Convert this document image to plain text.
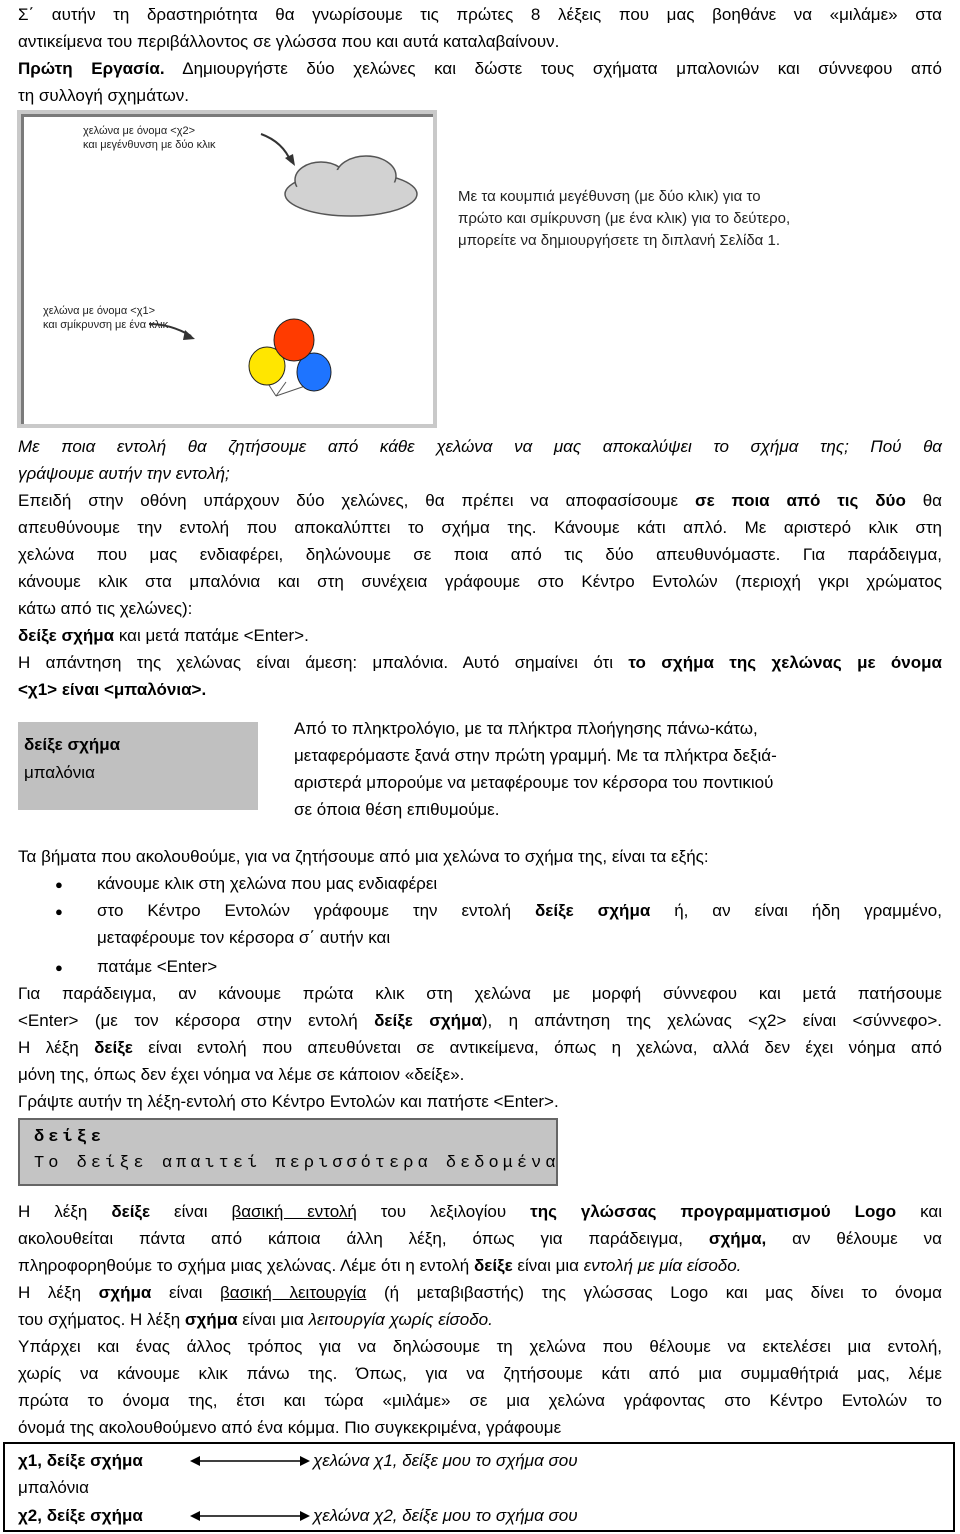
Σ΄ αυτήν τη δραστηριότητα θα γνωρίσουμε τις πρώτες 8 λέξεις που μας βοηθάνε να «μιλάμε» στα
αντικείμενα του περιβάλλοντος σε γλώσσα που και αυτά καταλαβαίνουν.
Πρώτη Εργασία. Δημιουργήστε δύο χελώνες και δώστε τους σχήματα μπαλονιών και σύννεφου από
τη συλλογή σχημάτων.
χελώνα με όνομα <χ2>
και μεγένθυνση με δύο κλικ
χελώνα με όνομα <χ1>
και σμίκρυνση με ένα κλικ
Με τα κουμπιά μεγέθυνση (με δύο κλικ) για το
πρώτο και σμίκρυνση (με ένα κλικ) για το δεύτερο,
μπορείτε να δημιουργήσετε τη διπλανή Σελίδα 1.
Με ποια εντολή θα ζητήσουμε από κάθε χελώνα να μας αποκαλύψει το σχήμα της; Πού θα
γράψουμε αυτήν την εντολή;
Επειδή στην οθόνη υπάρχουν δύο χελώνες, θα πρέπει να αποφασίσουμε σε ποια από τις δύο θα
απευθύνουμε την εντολή που αποκαλύπτει το σχήμα της. Κάνουμε κάτι απλό. Με αριστερό κλικ στη
χελώνα που μας ενδιαφέρει, δηλώνουμε σε ποια από τις δύο απευθυνόμαστε. Για παράδειγμα,
κάνουμε κλικ στα μπαλόνια και στη συνέχεια γράφουμε στο Κέντρο Εντολών (περιοχή γκρι χρώματος
κάτω από τις χελώνες):
δείξε σχήμα και μετά πατάμε <Enter>.
Η απάντηση της χελώνας είναι άμεση: μπαλόνια. Αυτό σημαίνει ότι το σχήμα της χελώνας με όνομα
<χ1> είναι <μπαλόνια>.
δείξε σχήμα
μπαλόνια
Από το πληκτρολόγιο, με τα πλήκτρα πλοήγησης πάνω-κάτω,
μεταφερόμαστε ξανά στην πρώτη γραμμή. Με τα πλήκτρα δεξιά-
αριστερά μπορούμε να μεταφέρουμε τον κέρσορα του ποντικιού
σε όποια θέση επιθυμούμε.
Τα βήματα που ακολουθούμε, για να ζητήσουμε από μια χελώνα το σχήμα της, είναι τα εξής:
● κάνουμε κλικ στη χελώνα που μας ενδιαφέρει
● στο Κέντρο Εντολών γράφουμε την εντολή δείξε σχήμα ή, αν είναι ήδη γραμμένο,
μεταφέρουμε τον κέρσορα σ΄ αυτήν και
● πατάμε <Enter>
Για παράδειγμα, αν κάνουμε πρώτα κλικ στη χελώνα με μορφή σύννεφου και μετά πατήσουμε
<Enter> (με τον κέρσορα στην εντολή δείξε σχήμα), η απάντηση της χελώνας <χ2> είναι <σύννεφο>.
Η λέξη δείξε είναι εντολή που απευθύνεται σε αντικείμενα, όπως η χελώνα, αλλά δεν έχει νόημα από
μόνη της, όπως δεν έχει νόημα να λέμε σε κάποιον «δείξε».
Γράψτε αυτήν τη λέξη-εντολή στο Κέντρο Εντολών και πατήστε <Enter>.
δείξε
Το δείξε απαιτεί περισσότερα δεδομένα
Η λέξη δείξε είναι βασική εντολή του λεξιλογίου της γλώσσας προγραμματισμού Logo και
ακολουθείται πάντα από κάποια άλλη λέξη, όπως για παράδειγμα, σχήμα, αν θέλουμε να
πληροφορηθούμε το σχήμα μιας χελώνας. Λέμε ότι η εντολή δείξε είναι μια εντολή με μία είσοδο.
Η λέξη σχήμα είναι βασική λειτουργία (ή μεταβιβαστής) της γλώσσας Logo και μας δίνει το όνομα
του σχήματος. Η λέξη σχήμα είναι μια λειτουργία χωρίς είσοδο.
Υπάρχει και ένας άλλος τρόπος για να δηλώσουμε τη χελώνα που θέλουμε να εκτελέσει μια εντολή,
χωρίς να κάνουμε κλικ πάνω της. Όπως, για να ζητήσουμε κάτι από μια συμμαθήτριά μας, λέμε
πρώτα το όνομα της, έτσι και τώρα «μιλάμε» σε μια χελώνα γράφοντας στο Κέντρο Εντολών το
όνομά της ακολουθούμενο από ένα κόμμα. Πιο συγκεκριμένα, γράφουμε
χ1, δείξε σχήμα	χελώνα χ1, δείξε μου το σχήμα σου
μπαλόνια
χ2, δείξε σχήμα	χελώνα χ2, δείξε μου το σχήμα σου
